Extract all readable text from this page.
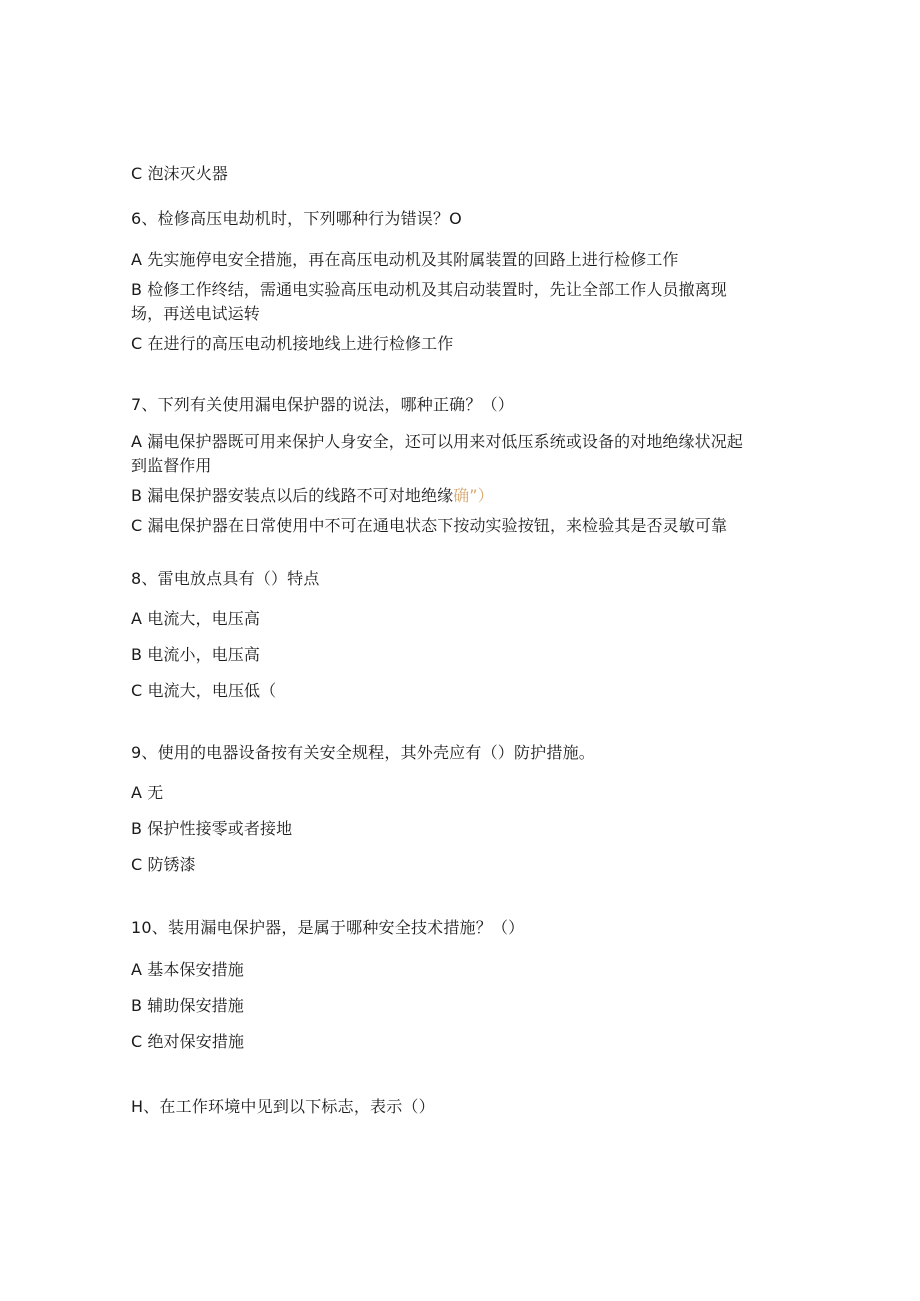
C 泡沫灭火器
6、检修高压电劫机时，下列哪种行为错误？O
A 先实施停电安全措施，再在高压电动机及其附属装置的回路上进行检修工作
B 检修工作终结，需通电实验高压电动机及其启动装置时，先让全部工作人员撤离现
场，再送电试运转
C 在进行的高压电动机接地线上进行检修工作
7、下列有关使用漏电保护器的说法，哪种正确？（）
A 漏电保护器既可用来保护人身安全，还可以用来对低压系统或设备的对地绝缘状况起
到监督作用
B 漏电保护器安装点以后的线路不可对地绝缘确”）
C 漏电保护器在日常使用中不可在通电状态下按动实验按钮，来检验其是否灵敏可靠
8、雷电放点具有（）特点
A 电流大，电压高
B 电流小，电压高
C 电流大，电压低（
9、使用的电器设备按有关安全规程，其外壳应有（）防护措施。
A 无
B 保护性接零或者接地
C 防锈漆
10、装用漏电保护器，是属于哪种安全技术措施？（）
A 基本保安措施
B 辅助保安措施
C 绝对保安措施
H、在工作环境中见到以下标志，表示（）
